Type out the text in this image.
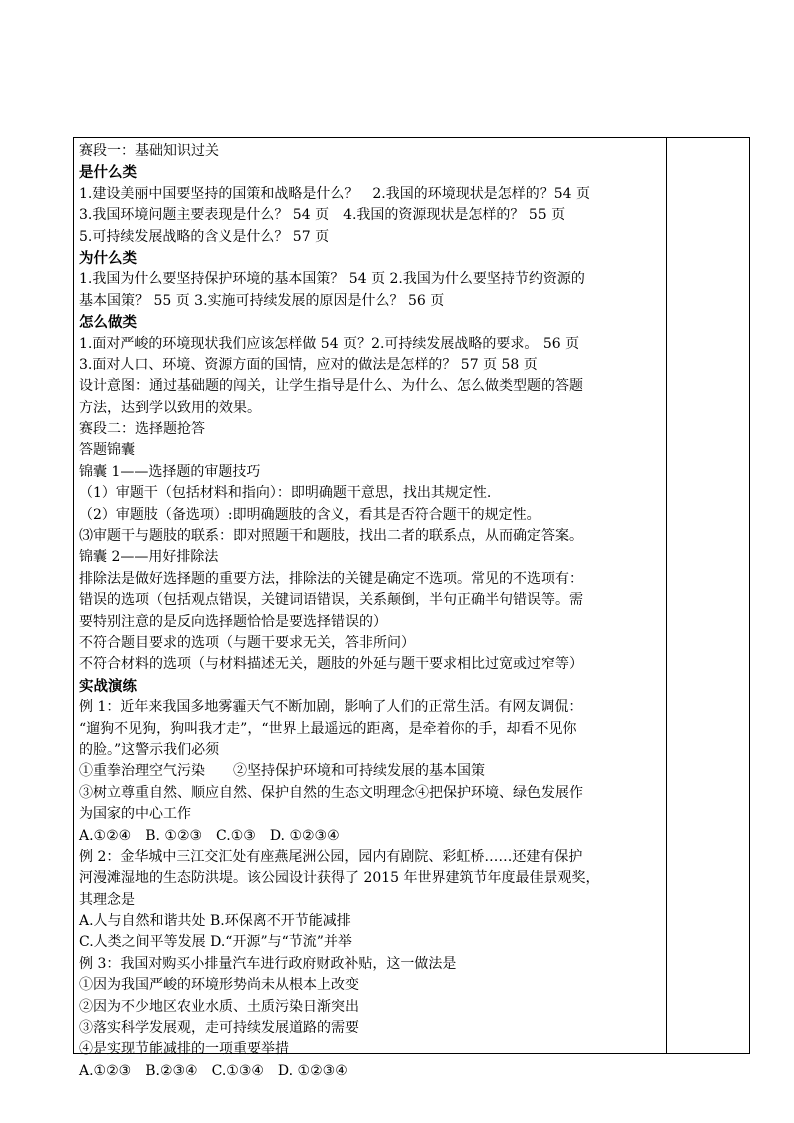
赛段一：基础知识过关
是什么类
1.建设美丽中国要坚持的国策和战略是什么？　2.我国的环境现状是怎样的？54 页
3.我国环境问题主要表现是什么？ 54 页　4.我国的资源现状是怎样的？ 55 页
5.可持续发展战略的含义是什么？ 57 页
为什么类
1.我国为什么要坚持保护环境的基本国策？ 54 页 2.我国为什么要坚持节约资源的
基本国策？ 55 页 3.实施可持续发展的原因是什么？ 56 页
怎么做类
1.面对严峻的环境现状我们应该怎样做 54 页？2.可持续发展战略的要求。 56 页
3.面对人口、环境、资源方面的国情，应对的做法是怎样的？ 57 页 58 页
设计意图：通过基础题的闯关，让学生指导是什么、为什么、怎么做类型题的答题
方法，达到学以致用的效果。
赛段二：选择题抢答
答题锦囊
锦囊 1——选择题的审题技巧
（1）审题干（包括材料和指向）：即明确题干意思，找出其规定性.
（2）审题肢（备选项）:即明确题肢的含义，看其是否符合题干的规定性。
⑶审题干与题肢的联系：即对照题干和题肢，找出二者的联系点，从而确定答案。
锦囊 2——用好排除法
排除法是做好选择题的重要方法，排除法的关键是确定不选项。常见的不选项有：
错误的选项（包括观点错误，关键词语错误，关系颠倒，半句正确半句错误等。需
要特别注意的是反向选择题恰恰是要选择错误的）
不符合题目要求的选项（与题干要求无关，答非所问）
不符合材料的选项（与材料描述无关，题肢的外延与题干要求相比过宽或过窄等）
实战演练
例 1：近年来我国多地雾霾天气不断加剧，影响了人们的正常生活。有网友调侃：
“遛狗不见狗，狗叫我才走”，“世界上最遥远的距离，是牵着你的手，却看不见你
的脸。”这警示我们必须
①重拳治理空气污染　　②坚持保护环境和可持续发展的基本国策
③树立尊重自然、顺应自然、保护自然的生态文明理念④把保护环境、绿色发展作
为国家的中心工作
A.①②④　B. ①②③　C.①③　D. ①②③④
例 2：金华城中三江交汇处有座燕尾洲公园，园内有剧院、彩虹桥……还建有保护
河漫滩湿地的生态防洪堤。该公园设计获得了 2015 年世界建筑节年度最佳景观奖，
其理念是
A.人与自然和谐共处 B.环保离不开节能减排
C.人类之间平等发展 D.“开源”与“节流”并举
例 3：我国对购买小排量汽车进行政府财政补贴，这一做法是
①因为我国严峻的环境形势尚未从根本上改变
②因为不少地区农业水质、土质污染日渐突出
③落实科学发展观，走可持续发展道路的需要
④是实现节能减排的一项重要举措
A.①②③　B.②③④　C.①③④　D. ①②③④
